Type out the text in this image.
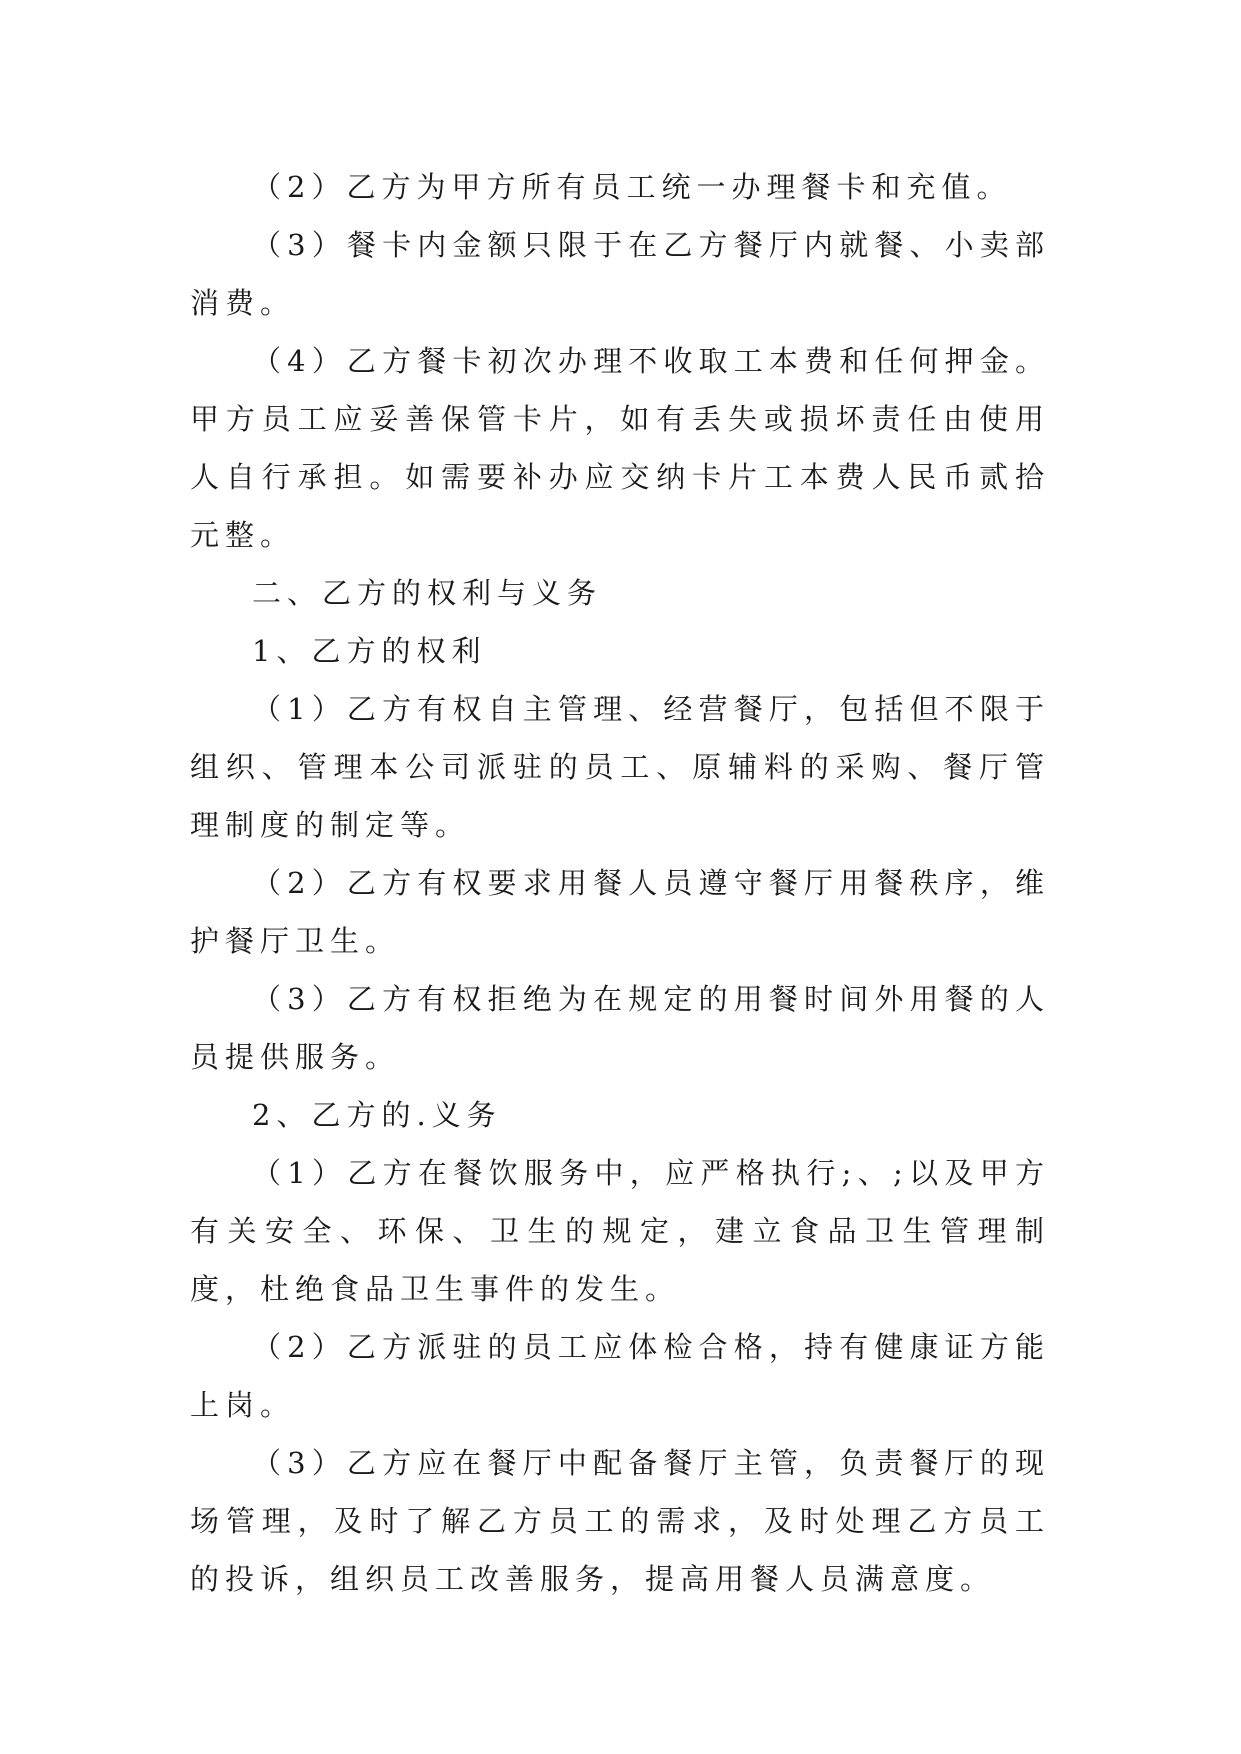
（2）乙方为甲方所有员工统一办理餐卡和充值。

（3）餐卡内金额只限于在乙方餐厅内就餐、小卖部消费。

（4）乙方餐卡初次办理不收取工本费和任何押金。甲方员工应妥善保管卡片，如有丢失或损坏责任由使用人自行承担。如需要补办应交纳卡片工本费人民币贰拾元整。

二、乙方的权利与义务

1、乙方的权利

（1）乙方有权自主管理、经营餐厅，包括但不限于组织、管理本公司派驻的员工、原辅料的采购、餐厅管理制度的制定等。

（2）乙方有权要求用餐人员遵守餐厅用餐秩序，维护餐厅卫生。

（3）乙方有权拒绝为在规定的用餐时间外用餐的人员提供服务。

2、乙方的.义务

（1）乙方在餐饮服务中，应严格执行;、;以及甲方有关安全、环保、卫生的规定，建立食品卫生管理制度，杜绝食品卫生事件的发生。

（2）乙方派驻的员工应体检合格，持有健康证方能上岗。

（3）乙方应在餐厅中配备餐厅主管，负责餐厅的现场管理，及时了解乙方员工的需求，及时处理乙方员工的投诉，组织员工改善服务，提高用餐人员满意度。
